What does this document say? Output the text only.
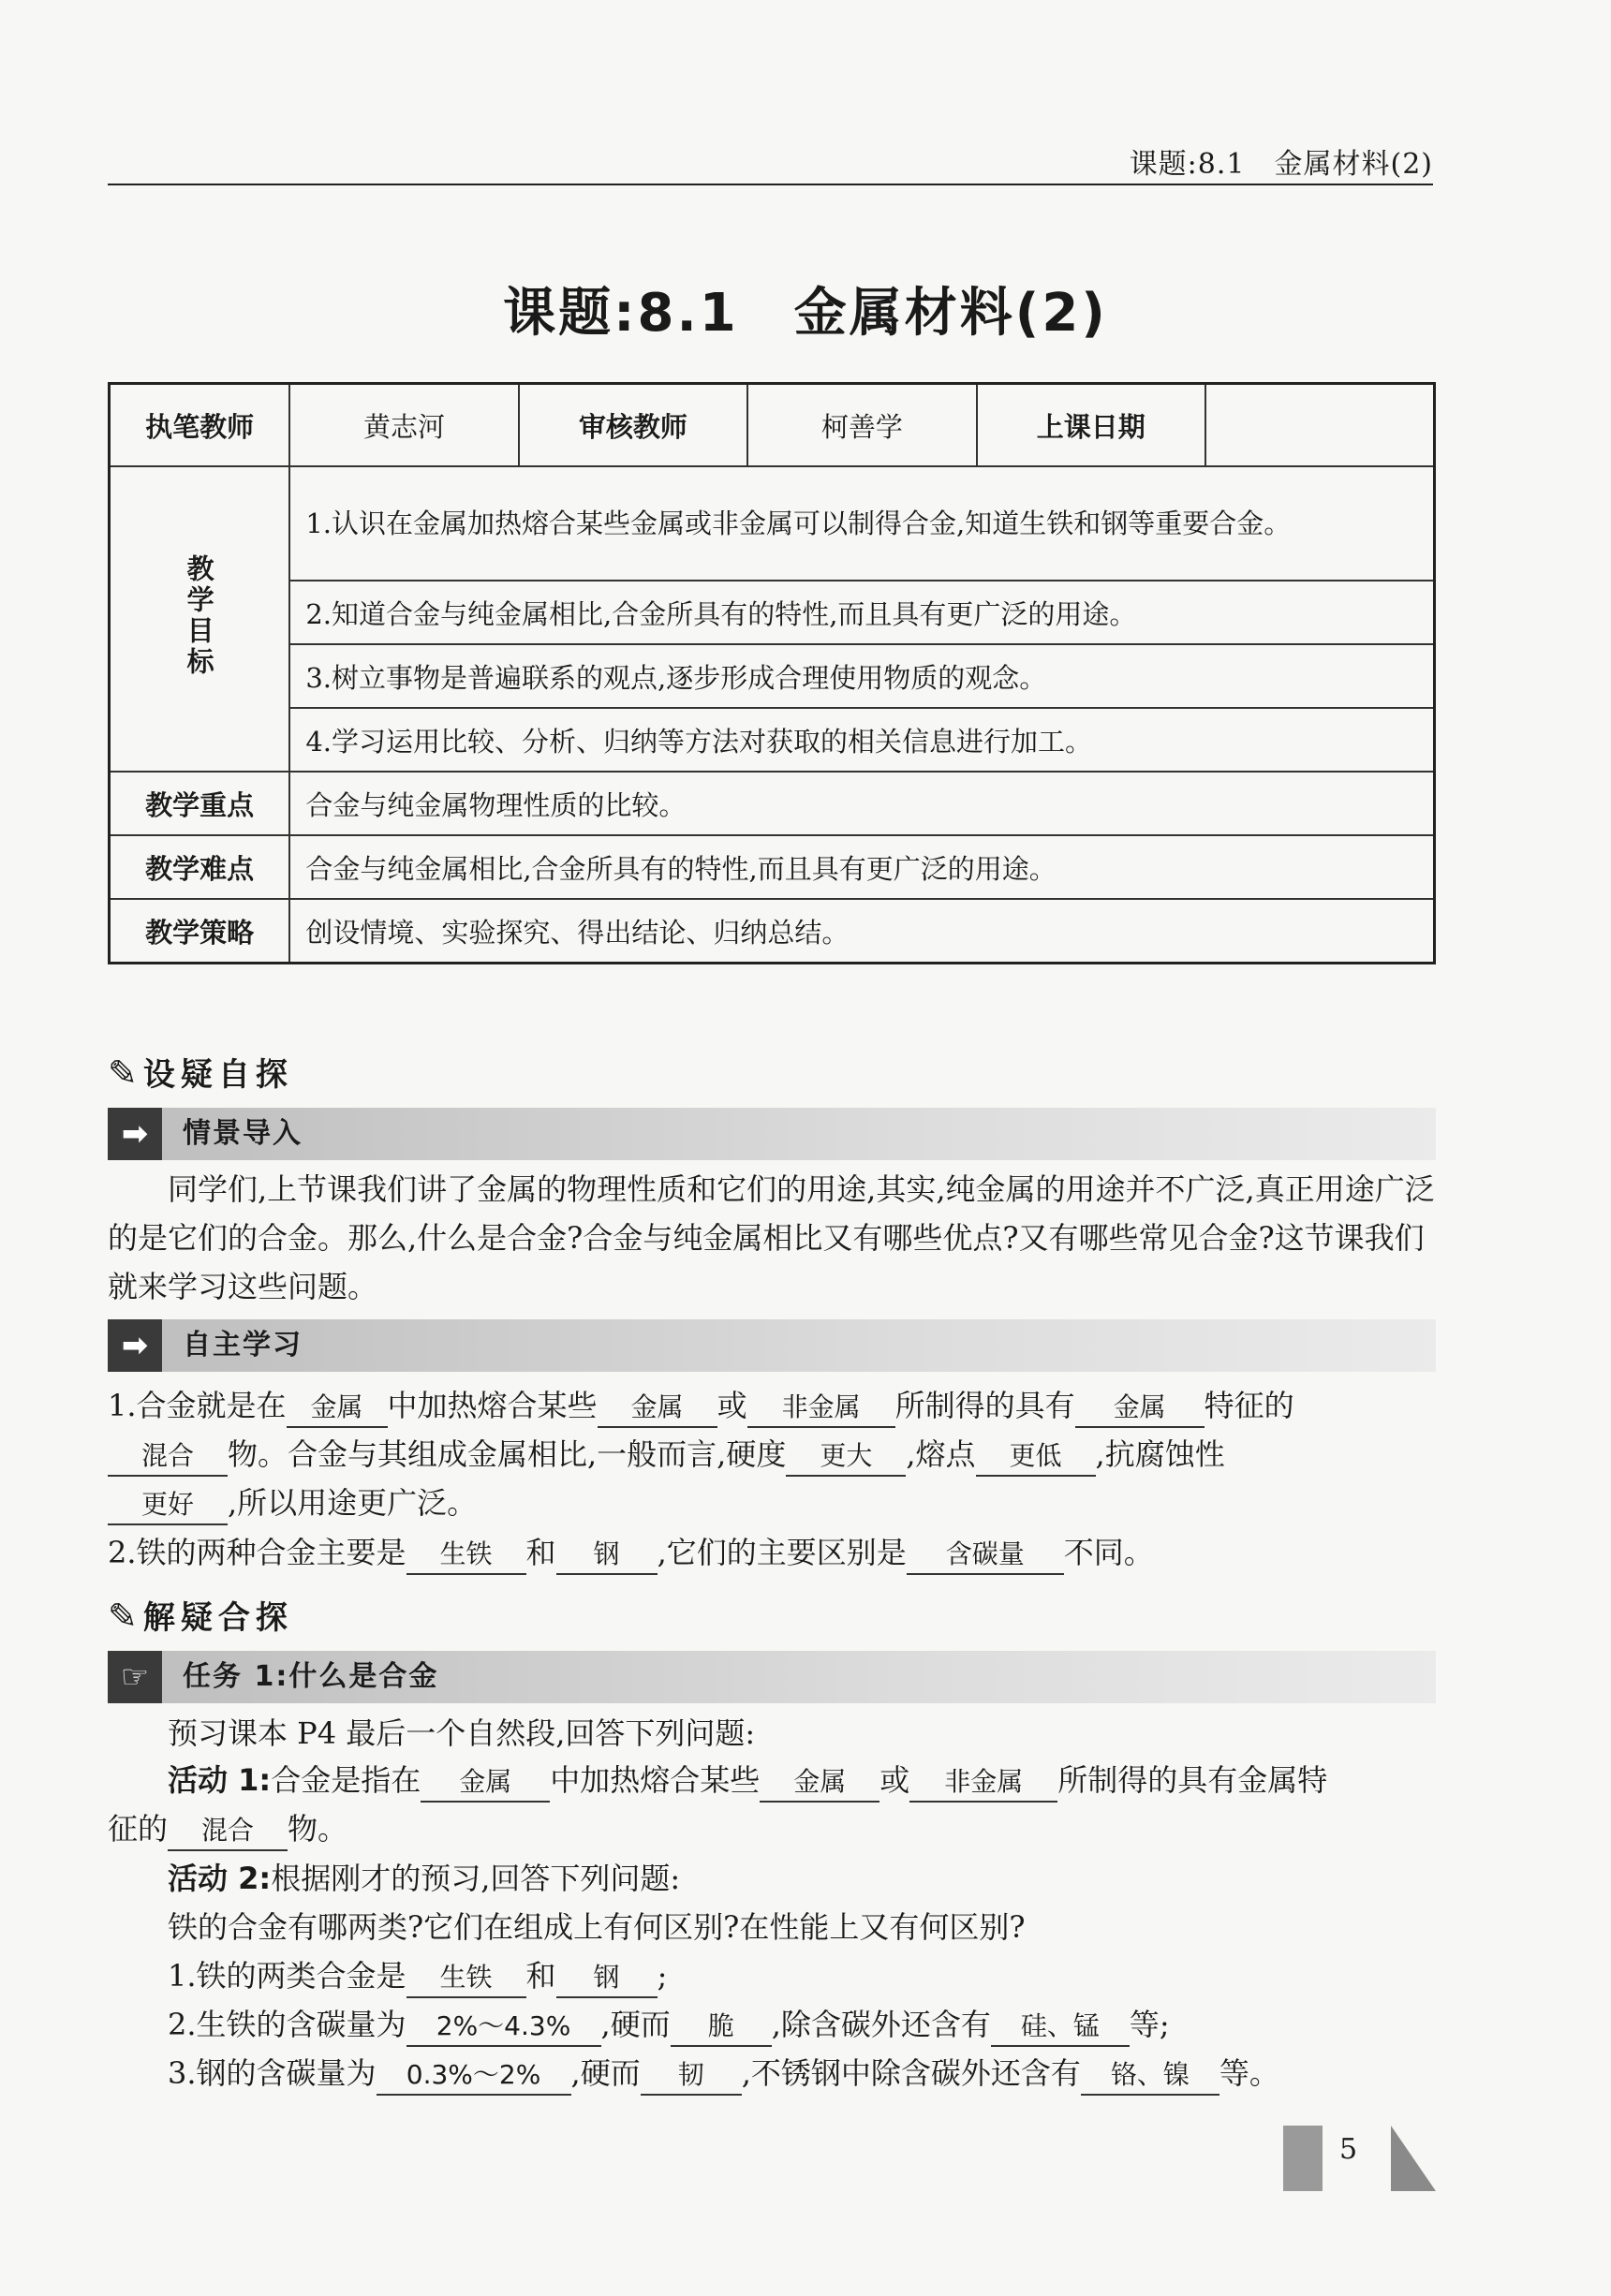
课题:8.1　金属材料(2)
课题:8.1　金属材料(2)
执笔教师	黄志河	审核教师	柯善学	上课日期	
教学目标	1.认识在金属加热熔合某些金属或非金属可以制得合金,知道生铁和钢等重要合金。				
	2.知道合金与纯金属相比,合金所具有的特性,而且具有更广泛的用途。				
	3.树立事物是普遍联系的观点,逐步形成合理使用物质的观念。				
	4.学习运用比较、分析、归纳等方法对获取的相关信息进行加工。				
教学重点	合金与纯金属物理性质的比较。				
教学难点	合金与纯金属相比,合金所具有的特性,而且具有更广泛的用途。				
教学策略	创设情境、实验探究、得出结论、归纳总结。				
✎ 设疑自探
➡	情景导入
同学们,上节课我们讲了金属的物理性质和它们的用途,其实,纯金属的用途并不广泛,真正用途广泛的是它们的合金。那么,什么是合金?合金与纯金属相比又有哪些优点?又有哪些常见合金?这节课我们就来学习这些问题。
➡	自主学习
1.合金就是在 金属 中加热熔合某些 金属 或 非金属 所制得的具有 金属 特征的
混合 物。合金与其组成金属相比,一般而言,硬度 更大 ,熔点 更低 ,抗腐蚀性
更好 ,所以用途更广泛。
2.铁的两种合金主要是 生铁 和 钢 ,它们的主要区别是 含碳量 不同。
✎ 解疑合探
☞	任务 1:什么是合金
预习课本 P4 最后一个自然段,回答下列问题:
活动 1:合金是指在 金属 中加热熔合某些 金属 或 非金属 所制得的具有金属特
征的 混合 物。
活动 2:根据刚才的预习,回答下列问题:
铁的合金有哪两类?它们在组成上有何区别?在性能上又有何区别?
1.铁的两类合金是 生铁 和 钢 ;
2.生铁的含碳量为 2%～4.3% ,硬而 脆 ,除含碳外还含有 硅、锰 等;
3.钢的含碳量为 0.3%～2% ,硬而 韧 ,不锈钢中除含碳外还含有 铬、镍 等。
5
